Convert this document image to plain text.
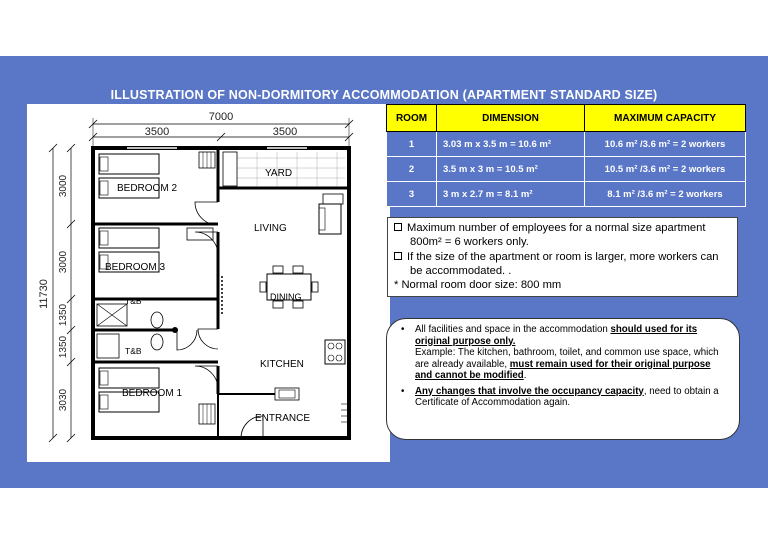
ILLUSTRATION OF NON-DORMITORY ACCOMMODATION (APARTMENT STANDARD SIZE)
7000
3500	3500
11730
3000
3000
1350
1350
3030
YARD
BEDROOM 2
LIVING
BEDROOM 3
T&B	DINING
T&B
KITCHEN
BEDROOM 1
ENTRANCE
ROOM	DIMENSION	MAXIMUM CAPACITY
1	3.03 m x 3.5 m = 10.6 m²	10.6 m² /3.6 m² = 2 workers
2	3.5 m x 3 m = 10.5 m²	10.5 m² /3.6 m² = 2 workers
3	3 m x 2.7 m = 8.1 m²	8.1 m² /3.6 m² = 2 workers
Maximum number of employees for a normal size apartment 800m² = 6 workers only.
If the size of the apartment or room is larger, more workers can be accommodated. .
* Normal room door size: 800 mm
• All facilities and space in the accommodation should used for its original purpose only.
Example: The kitchen, bathroom, toilet, and common use space, which are already available, must remain used for their original purpose and cannot be modified.
• Any changes that involve the occupancy capacity, need to obtain a Certificate of Accommodation again.
